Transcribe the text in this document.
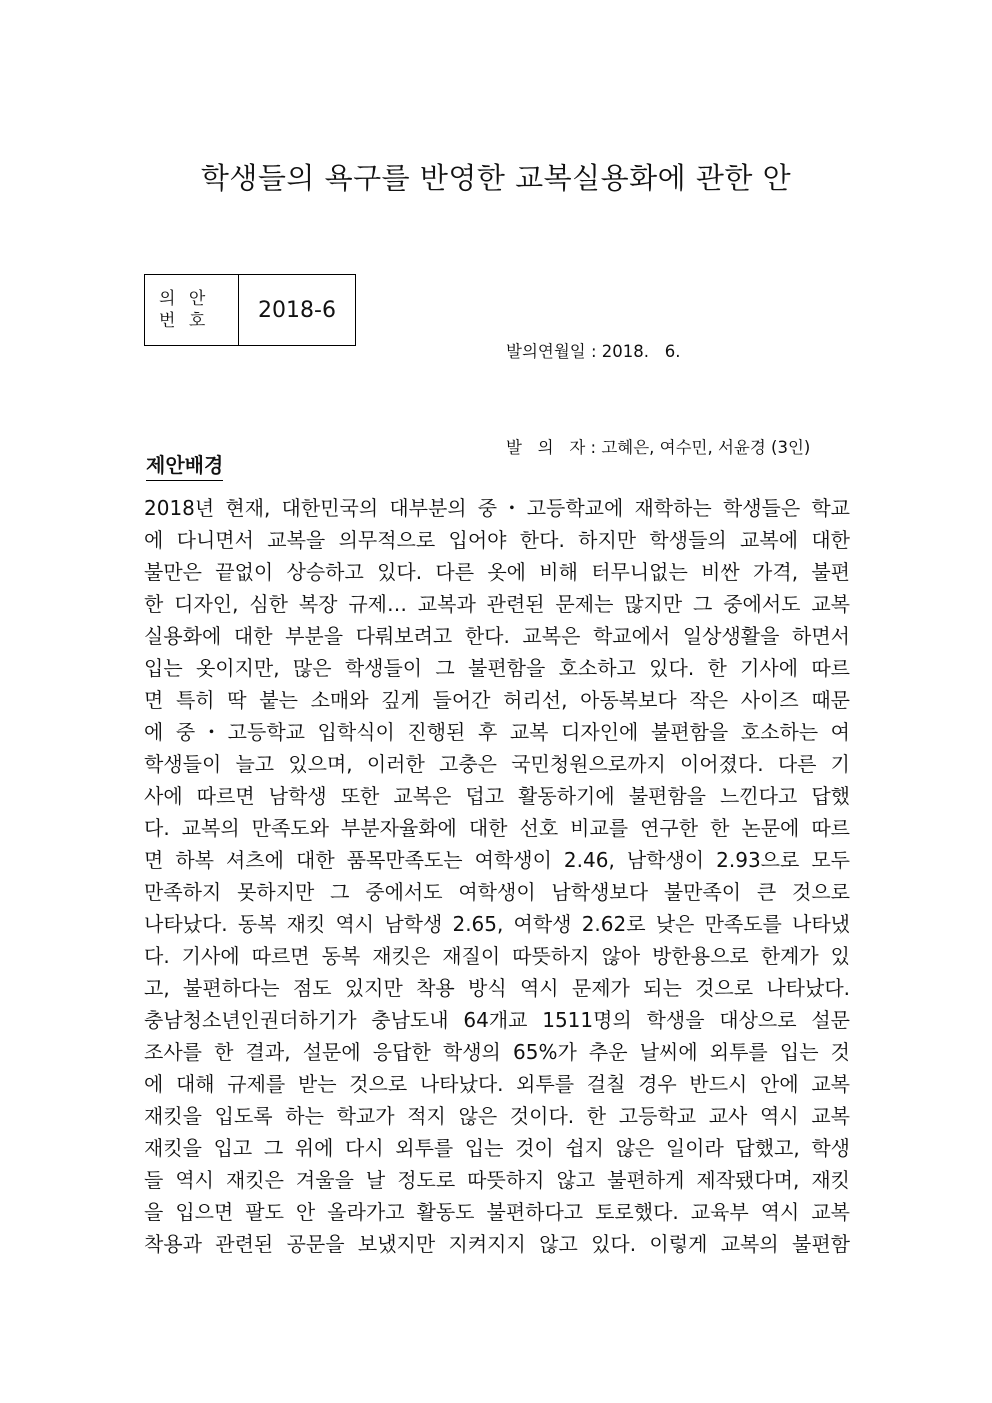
학생들의 욕구를 반영한 교복실용화에 관한 안
의 안
번 호	2018-6

발의연월일 : 2018.   6.

발   의   자 : 고혜은, 여수민, 서윤경 (3인)

제안배경
2018년 현재, 대한민국의 대부분의 중・고등학교에 재학하는 학생들은 학교
에 다니면서 교복을 의무적으로 입어야 한다. 하지만 학생들의 교복에 대한
불만은 끝없이 상승하고 있다. 다른 옷에 비해 터무니없는 비싼 가격, 불편
한 디자인, 심한 복장 규제… 교복과 관련된 문제는 많지만 그 중에서도 교복
실용화에 대한 부분을 다뤄보려고 한다. 교복은 학교에서 일상생활을 하면서
입는 옷이지만, 많은 학생들이 그 불편함을 호소하고 있다. 한 기사에 따르
면 특히 딱 붙는 소매와 깊게 들어간 허리선, 아동복보다 작은 사이즈 때문
에 중・고등학교 입학식이 진행된 후 교복 디자인에 불편함을 호소하는 여
학생들이 늘고 있으며, 이러한 고충은 국민청원으로까지 이어졌다. 다른 기
사에 따르면 남학생 또한 교복은 덥고 활동하기에 불편함을 느낀다고 답했
다. 교복의 만족도와 부분자율화에 대한 선호 비교를 연구한 한 논문에 따르
면 하복 셔츠에 대한 품목만족도는 여학생이 2.46, 남학생이 2.93으로 모두
만족하지 못하지만 그 중에서도 여학생이 남학생보다 불만족이 큰 것으로
나타났다. 동복 재킷 역시 남학생 2.65, 여학생 2.62로 낮은 만족도를 나타냈
다. 기사에 따르면 동복 재킷은 재질이 따뜻하지 않아 방한용으로 한계가 있
고, 불편하다는 점도 있지만 착용 방식 역시 문제가 되는 것으로 나타났다.
충남청소년인권더하기가 충남도내 64개교 1511명의 학생을 대상으로 설문
조사를 한 결과, 설문에 응답한 학생의 65%가 추운 날씨에 외투를 입는 것
에 대해 규제를 받는 것으로 나타났다. 외투를 걸칠 경우 반드시 안에 교복
재킷을 입도록 하는 학교가 적지 않은 것이다. 한 고등학교 교사 역시 교복
재킷을 입고 그 위에 다시 외투를 입는 것이 쉽지 않은 일이라 답했고, 학생
들 역시 재킷은 겨울을 날 정도로 따뜻하지 않고 불편하게 제작됐다며, 재킷
을 입으면 팔도 안 올라가고 활동도 불편하다고 토로했다. 교육부 역시 교복
착용과 관련된 공문을 보냈지만 지켜지지 않고 있다. 이렇게 교복의 불편함
